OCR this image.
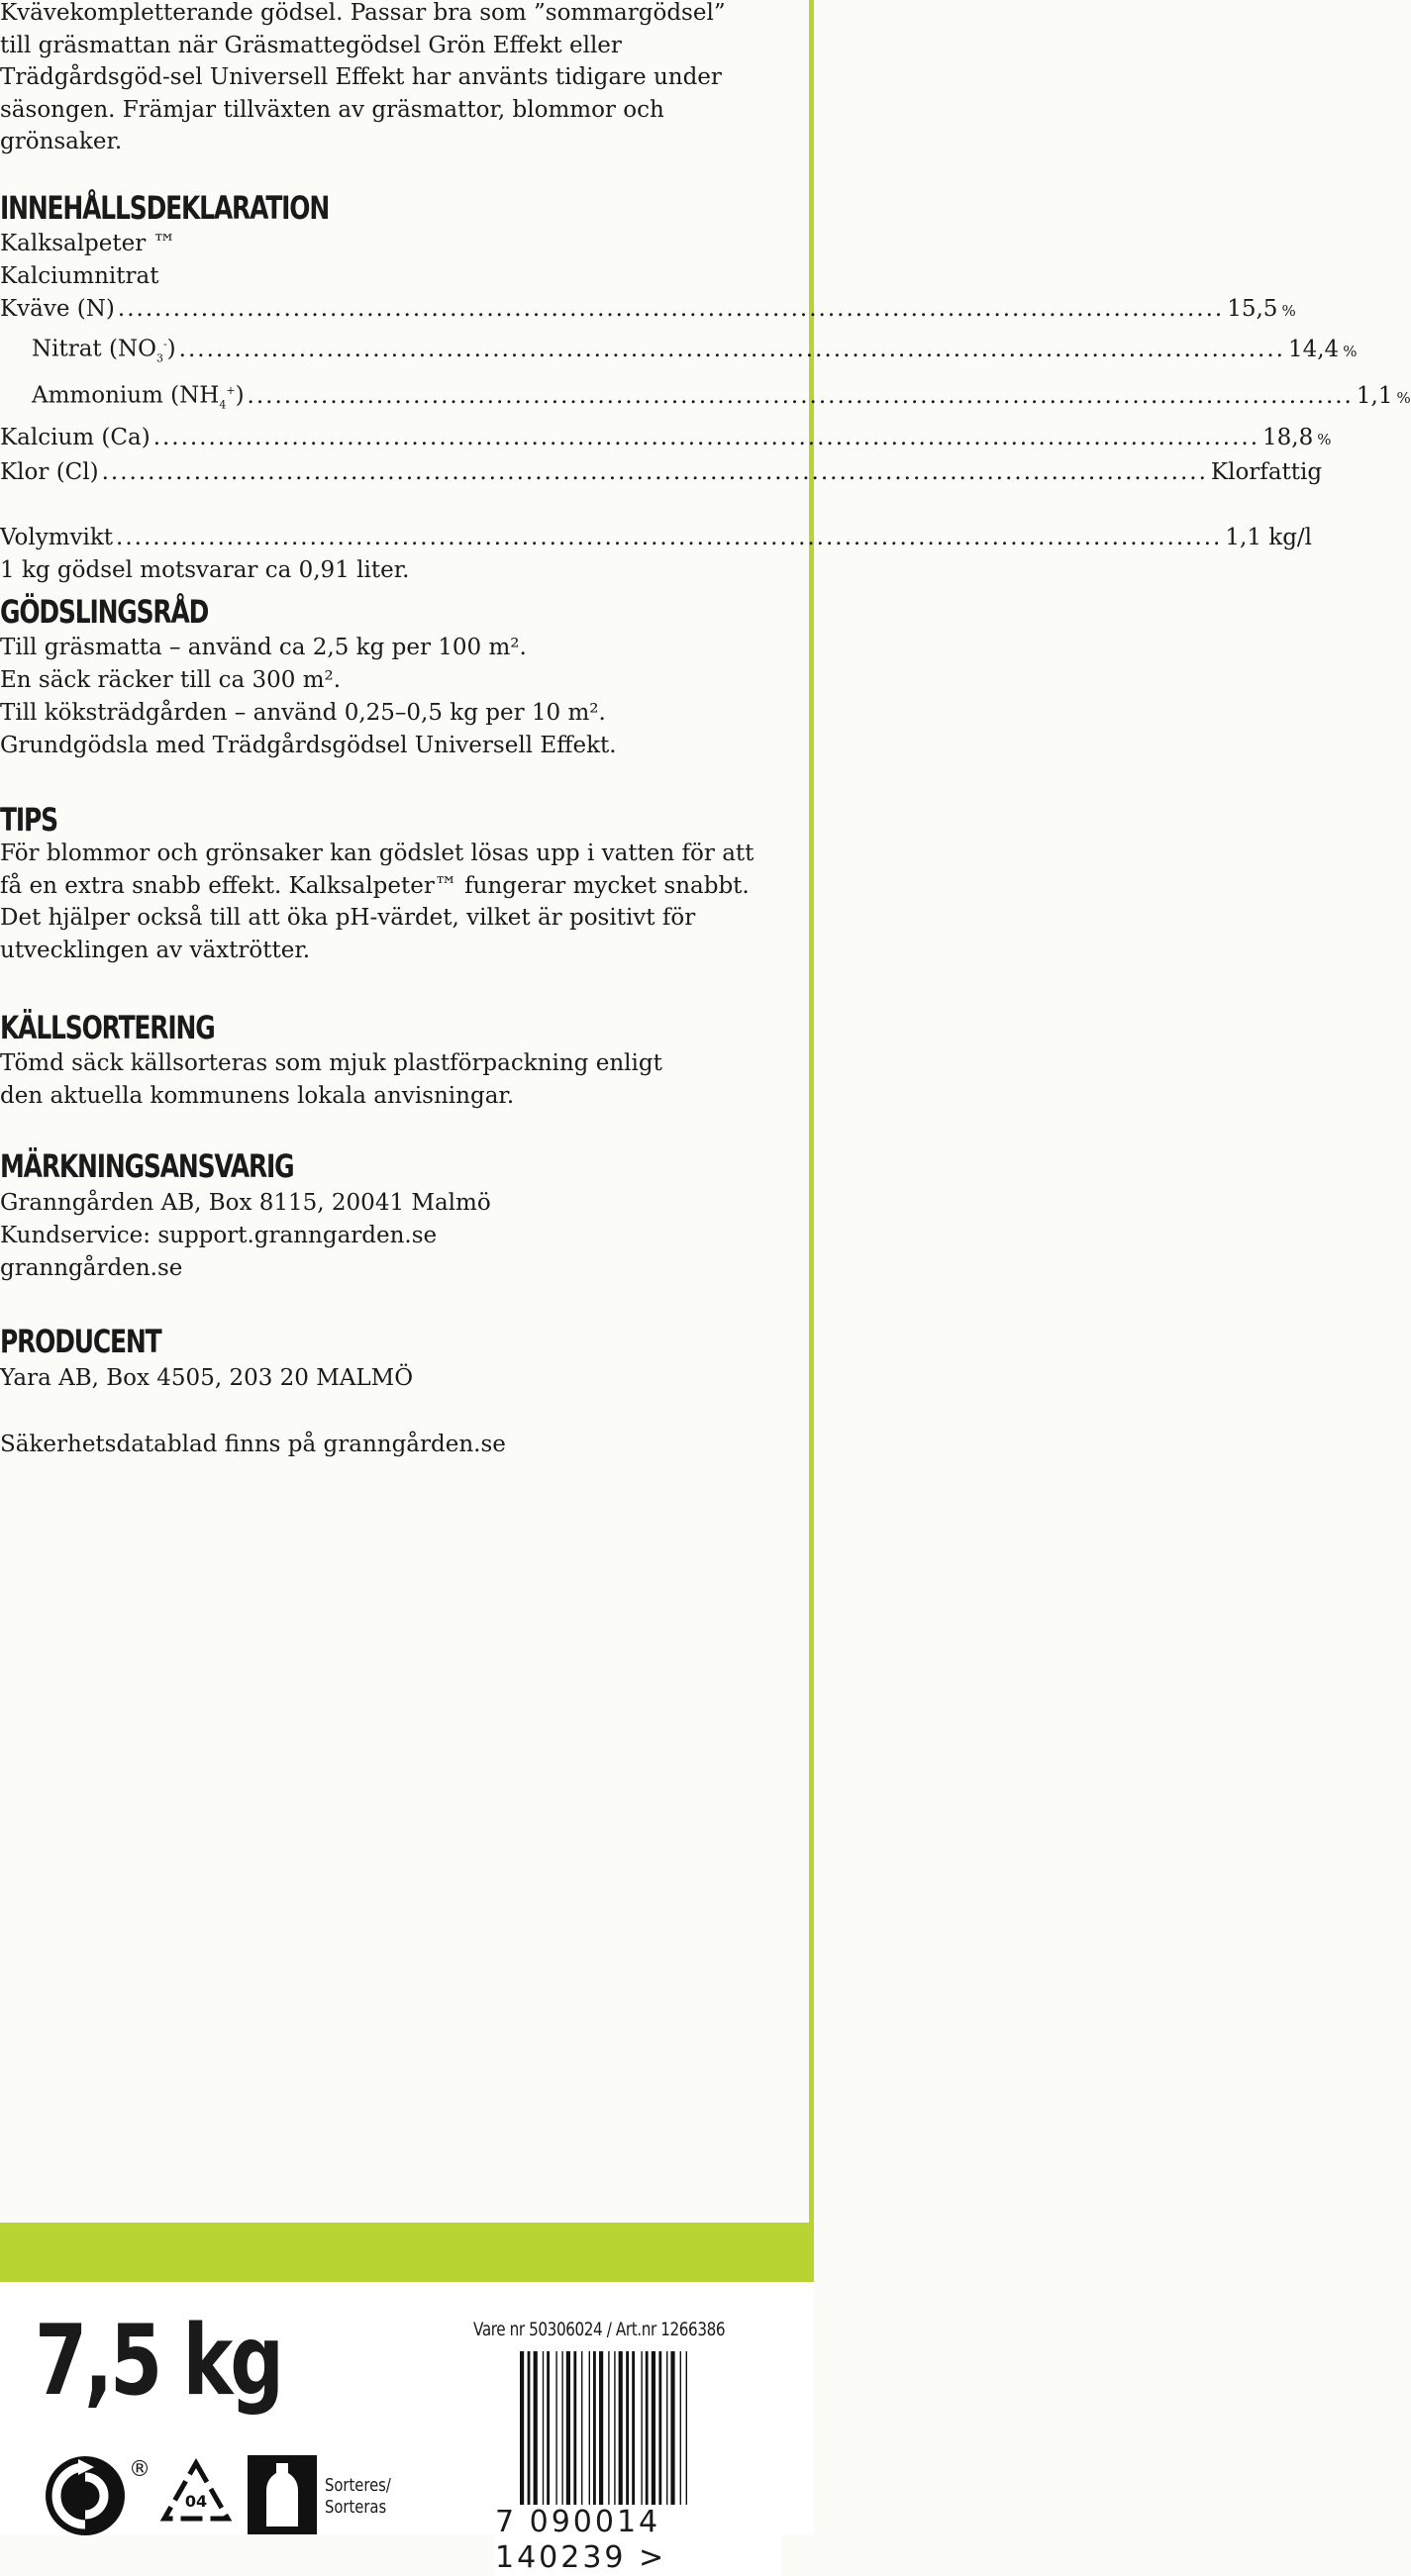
Kvävekompletterande gödsel. Passar bra som ”sommargödsel” till gräsmattan när Gräsmattegödsel Grön Effekt eller Trädgårdsgöd-sel Universell Effekt har använts tidigare under säsongen. Främjar tillväxten av gräsmattor, blommor och grönsaker.

INNEHÅLLSDEKLARATION
Kalksalpeter ™
Kalciumnitrat
Kväve (N) ........................................................................................................................ 15,5 %
Nitrat $(NO_3^-)$ ........................................................................................................................ 14,4 %
Ammonium $(NH_4^+)$ ........................................................................................................................ 1,1 %
Kalcium (Ca) ........................................................................................................................ 18,8 %
Klor (Cl) ........................................................................................................................ Klorfattig
Volymvikt ........................................................................................................................ 1,1 kg/l
1 kg gödsel motsvarar ca 0,91 liter.
GÖDSLINGSRÅD
Till gräsmatta – använd ca 2,5 kg per 100 m².
En säck räcker till ca 300 m².
Till köksträdgården – använd 0,25–0,5 kg per 10 m².
Grundgödsla med Trädgårdsgödsel Universell Effekt.
TIPS

För blommor och grönsaker kan gödslet lösas upp i vatten för att få en extra snabb effekt. Kalksalpeter™ fungerar mycket snabbt. Det hjälper också till att öka pH-värdet, vilket är positivt för utvecklingen av växtrötter.

KÄLLSORTERING

Tömd säck källsorteras som mjuk plastförpackning enligt den aktuella kommunens lokala anvisningar.

MÄRKNINGSANSVARIG
Granngården AB, Box 8115, 20041 Malmö
Kundservice: support.granngarden.se
granngården.se
PRODUCENT
Yara AB, Box 4505, 203 20 MALMÖ
Säkerhetsdatablad finns på granngården.se
7,5 kg	Vare nr 50306024 / Art.nr 1266386
7 090014 140239 >
®
04
Sorteres/
Sorteras
